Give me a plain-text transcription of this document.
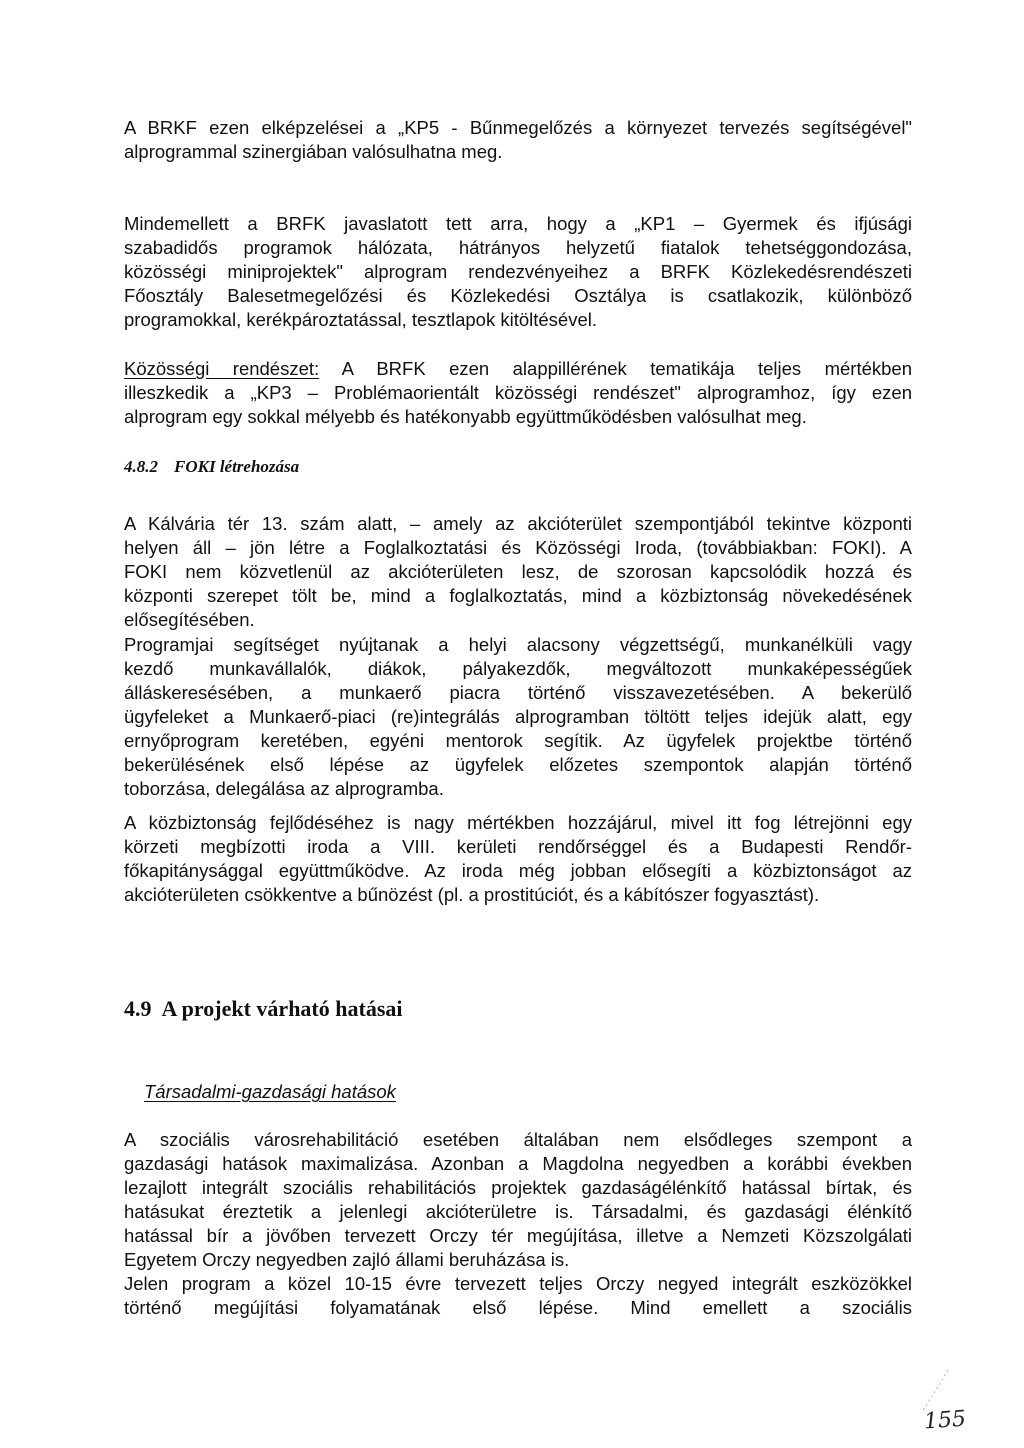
A BRKF ezen elképzelései a „KP5 - Bűnmegelőzés a környezet tervezés segítségével"
alprogrammal szinergiában valósulhatna meg.

Mindemellett a BRFK javaslatott tett arra, hogy a „KP1 – Gyermek és ifjúsági
szabadidős programok hálózata, hátrányos helyzetű fiatalok tehetséggondozása,
közösségi miniprojektek" alprogram rendezvényeihez a BRFK Közlekedésrendészeti
Főosztály Balesetmegelőzési és Közlekedési Osztálya is csatlakozik, különböző
programokkal, kerékpároztatással, tesztlapok kitöltésével.

Közösségi rendészet: A BRFK ezen alappillérének tematikája teljes mértékben
illeszkedik a „KP3 – Problémaorientált közösségi rendészet" alprogramhoz, így ezen
alprogram egy sokkal mélyebb és hatékonyabb együttműködésben valósulhat meg.

4.8.2 FOKI létrehozása

A Kálvária tér 13. szám alatt, – amely az akcióterület szempontjából tekintve központi
helyen áll – jön létre a Foglalkoztatási és Közösségi Iroda, (továbbiakban: FOKI). A
FOKI nem közvetlenül az akcióterületen lesz, de szorosan kapcsolódik hozzá és
központi szerepet tölt be, mind a foglalkoztatás, mind a közbiztonság növekedésének
elősegítésében.

Programjai segítséget nyújtanak a helyi alacsony végzettségű, munkanélküli vagy
kezdő munkavállalók, diákok, pályakezdők, megváltozott munkaképességűek
álláskeresésében, a munkaerő piacra történő visszavezetésében. A bekerülő
ügyfeleket a Munkaerő-piaci (re)integrálás alprogramban töltött teljes idejük alatt, egy
ernyőprogram keretében, egyéni mentorok segítik. Az ügyfelek projektbe történő
bekerülésének első lépése az ügyfelek előzetes szempontok alapján történő
toborzása, delegálása az alprogramba.

A közbiztonság fejlődéséhez is nagy mértékben hozzájárul, mivel itt fog létrejönni egy
körzeti megbízotti iroda a VIII. kerületi rendőrséggel és a Budapesti Rendőr-
főkapitánysággal együttműködve. Az iroda még jobban elősegíti a közbiztonságot az
akcióterületen csökkentve a bűnözést (pl. a prostitúciót, és a kábítószer fogyasztást).

4.9 A projekt várható hatásai
Társadalmi-gazdasági hatások

A szociális városrehabilitáció esetében általában nem elsődleges szempont a
gazdasági hatások maximalizása. Azonban a Magdolna negyedben a korábbi években
lezajlott integrált szociális rehabilitációs projektek gazdaságélénkítő hatással bírtak, és
hatásukat éreztetik a jelenlegi akcióterületre is. Társadalmi, és gazdasági élénkítő
hatással bír a jövőben tervezett Orczy tér megújítása, illetve a Nemzeti Közszolgálati
Egyetem Orczy negyedben zajló állami beruházása is.

Jelen program a közel 10-15 évre tervezett teljes Orczy negyed integrált eszközökkel
történő megújítási folyamatának első lépése. Mind emellett a szociális

155
